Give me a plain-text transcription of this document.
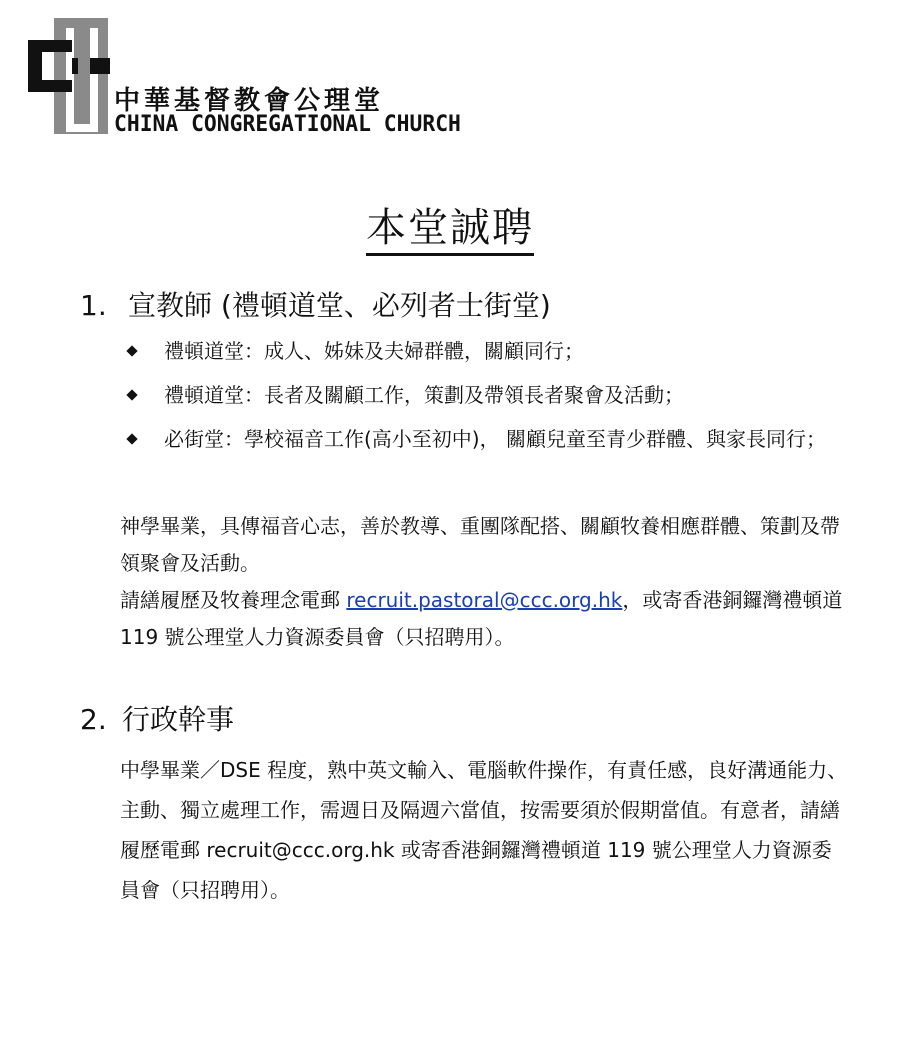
中華基督教會公理堂
CHINA CONGREGATIONAL CHURCH
本堂誠聘
1. 宣教師 (禮頓道堂、必列者士街堂)
禮頓道堂：成人、姊妹及夫婦群體，關顧同行；
禮頓道堂：長者及關顧工作，策劃及帶領長者聚會及活動；
必街堂：學校福音工作(高小至初中)， 關顧兒童至青少群體、與家長同行；
神學畢業，具傳福音心志，善於教導、重團隊配搭、關顧牧養相應群體、策劃及帶領聚會及活動。
請繕履歷及牧養理念電郵 recruit.pastoral@ccc.org.hk，或寄香港銅鑼灣禮頓道 119 號公理堂人力資源委員會（只招聘用）。
2. 行政幹事
中學畢業／DSE 程度，熟中英文輸入、電腦軟件操作，有責任感，良好溝通能力、主動、獨立處理工作，需週日及隔週六當值，按需要須於假期當值。有意者，請繕履歷電郵 recruit@ccc.org.hk 或寄香港銅鑼灣禮頓道 119 號公理堂人力資源委員會（只招聘用）。
